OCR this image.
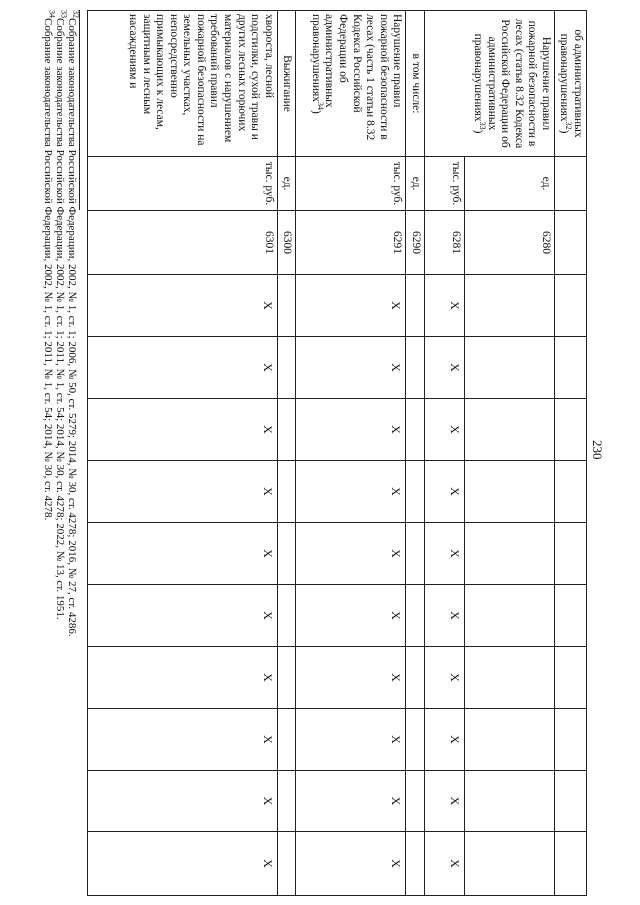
230
об административных правонарушениях$^{32}$)												
Нарушение правил пожарной безопасности в лесах (статья 8.32 Кодекса Российской Федерации об административных правонарушениях$^{33}$)	ед.	6280										
	тыс. руб.	6281	X	X	X	X	X	X	X	X	X	X
в том числе:	ед.	6290										
Нарушение правил пожарной безопасности в лесах (часть 1 статьи 8.32 Кодекса Российской Федерации об административных правонарушениях$^{34}$)	тыс. руб.	6291	X	X	X	X	X	X	X	X	X	X
Выжигание	ед.	6300										
хвороста, лесной подстилки, сухой травы и других лесных горючих материалов с нарушением требований правил пожарной безопасности на земельных участках, непосредственно примыкающих к лесам, защитным и лесным насаждениям и	тыс. руб.	6301	X	X	X	X	X	X	X	X	X	X
$^{32}$Собрание законодательства Российской Федерации, 2002, № 1, ст. 1; 2006, № 50, ст. 5279; 2014, № 30, ст. 4278; 2016, № 27, ст. 4286.
$^{33}$Собрание законодательства Российской Федерации, 2002, № 1, ст. 1; 2011, № 1, ст. 54; 2014, № 30, ст. 4278; 2022, № 13, ст. 1951.
$^{34}$Собрание законодательства Российской Федерации, 2002, № 1, ст. 1; 2011, № 1, ст. 54; 2014, № 30, ст. 4278.
